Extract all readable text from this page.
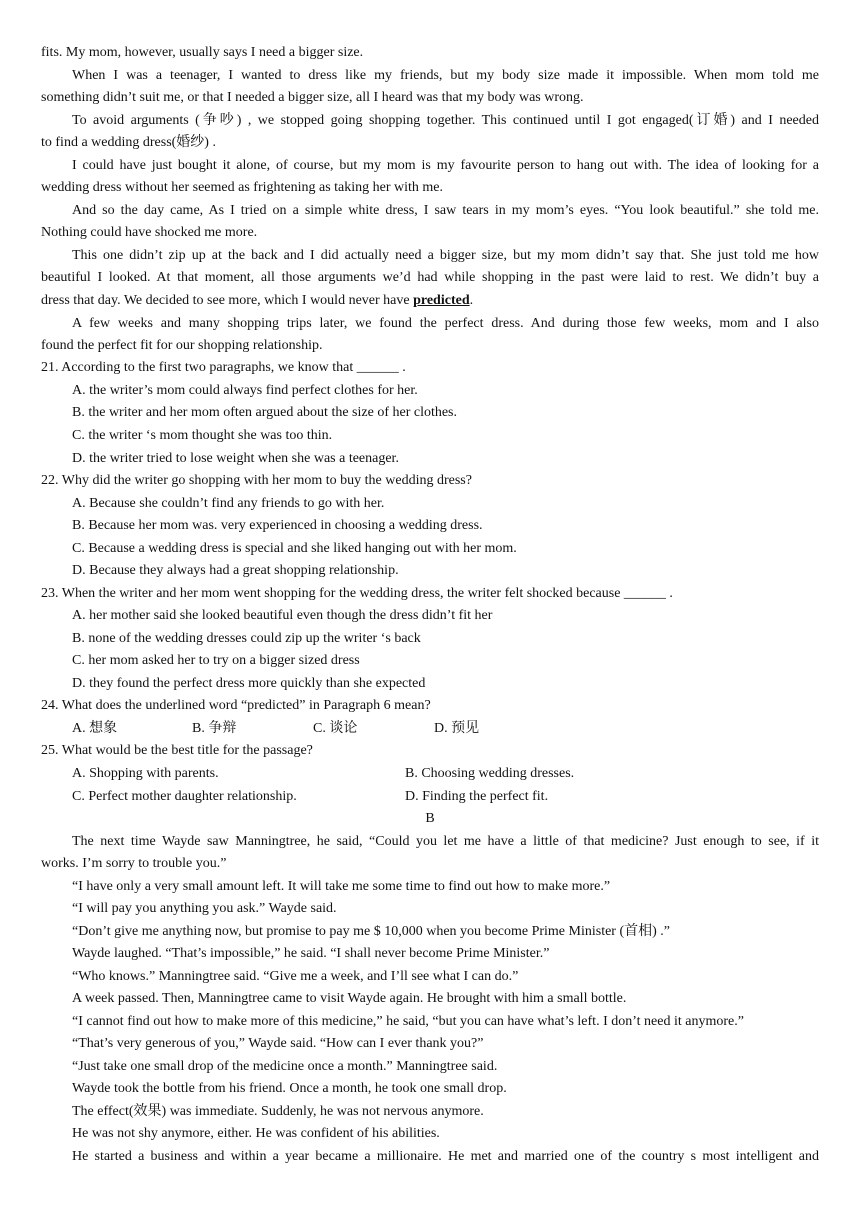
fits. My mom, however, usually says I need a bigger size.
When I was a teenager, I wanted to dress like my friends, but my body size made it impossible. When mom told me
something didn’t suit me, or that I needed a bigger size, all I heard was that my body was wrong.
To avoid arguments (争吵) , we stopped going shopping together. This continued until I got engaged(订婚) and I needed
to find a wedding dress(婚纱) .
I could have just bought it alone, of course, but my mom is my favourite person to hang out with. The idea of looking for a
wedding dress without her seemed as frightening as taking her with me.
And so the day came, As I tried on a simple white dress, I saw tears in my mom’s eyes. “You look beautiful.” she told me.
Nothing could have shocked me more.
This one didn’t zip up at the back and I did actually need a bigger size, but my mom didn’t say that. She just told me how
beautiful I looked. At that moment, all those arguments we’d had while shopping in the past were laid to rest. We didn’t buy a
dress that day. We decided to see more, which I would never have predicted.
A few weeks and many shopping trips later, we found the perfect dress. And during those few weeks, mom and I also
found the perfect fit for our shopping relationship.
21. According to the first two paragraphs, we know that ______ .
A. the writer’s mom could always find perfect clothes for her.
B. the writer and her mom often argued about the size of her clothes.
C. the writer ‘s mom thought she was too thin.
D. the writer tried to lose weight when she was a teenager.
22. Why did the writer go shopping with her mom to buy the wedding dress?
A. Because she couldn’t find any friends to go with her.
B. Because her mom was. very experienced in choosing a wedding dress.
C. Because a wedding dress is special and she liked hanging out with her mom.
D. Because they always had a great shopping relationship.
23. When the writer and her mom went shopping for the wedding dress, the writer felt shocked because ______ .
A. her mother said she looked beautiful even though the dress didn’t fit her
B. none of the wedding dresses could zip up the writer ‘s back
C. her mom asked her to try on a bigger sized dress
D. they found the perfect dress more quickly than she expected
24. What does the underlined word “predicted” in Paragraph 6 mean?
A. 想象	B. 争辩	C. 谈论	D. 预见
25. What would be the best title for the passage?
A. Shopping with parents.	B. Choosing wedding dresses.
C. Perfect mother daughter relationship.	D. Finding the perfect fit.
B
The next time Wayde saw Manningtree, he said, “Could you let me have a little of that medicine? Just enough to see, if it
works. I’m sorry to trouble you.”
“I have only a very small amount left. It will take me some time to find out how to make more.”
“I will pay you anything you ask.” Wayde said.
“Don’t give me anything now, but promise to pay me $ 10,000 when you become Prime Minister (首相) .”
Wayde laughed. “That’s impossible,” he said. “I shall never become Prime Minister.”
“Who knows.” Manningtree said. “Give me a week, and I’ll see what I can do.”
A week passed. Then, Manningtree came to visit Wayde again. He brought with him a small bottle.
“I cannot find out how to make more of this medicine,” he said, “but you can have what’s left. I don’t need it anymore.”
“That’s very generous of you,” Wayde said. “How can I ever thank you?”
“Just take one small drop of the medicine once a month.” Manningtree said.
Wayde took the bottle from his friend. Once a month, he took one small drop.
The effect(效果) was immediate. Suddenly, he was not nervous anymore.
He was not shy anymore, either. He was confident of his abilities.
He started a business and within a year became a millionaire. He met and married one of the country s most intelligent and
